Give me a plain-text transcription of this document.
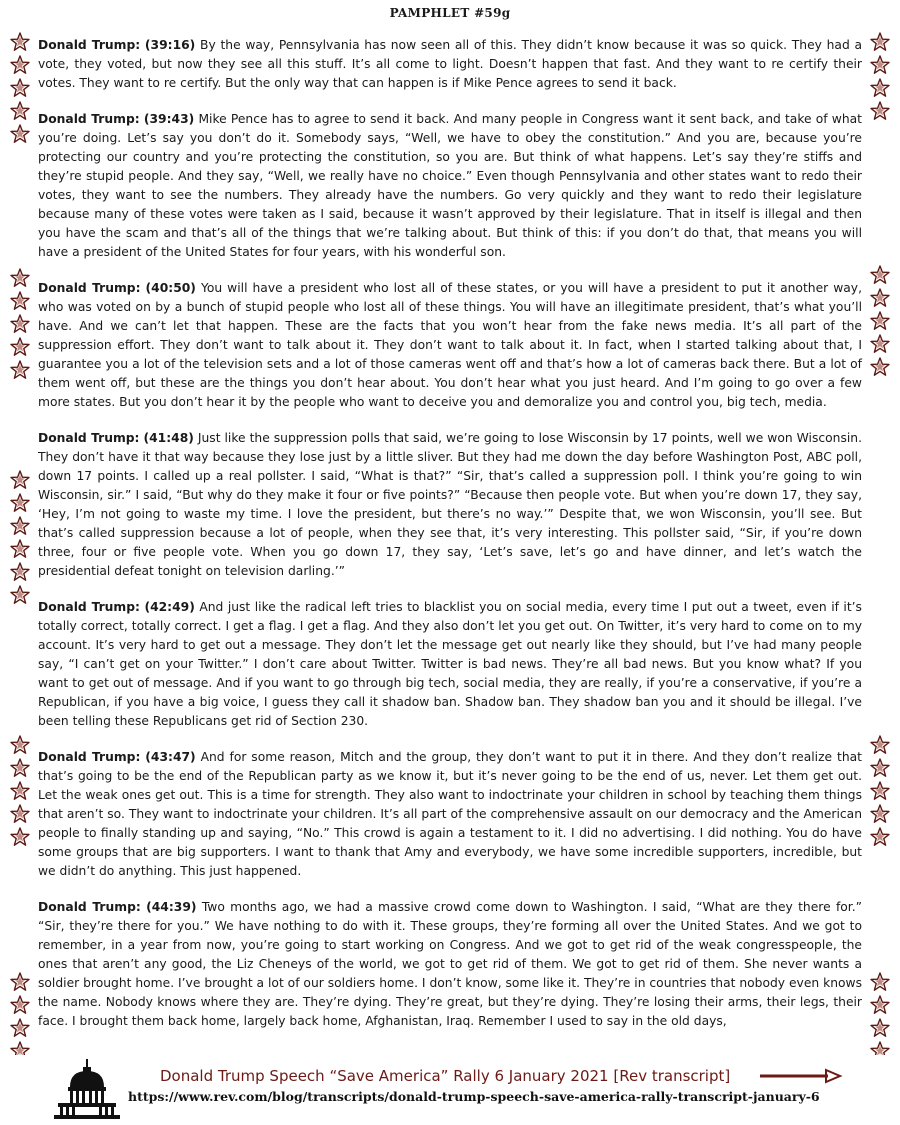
PAMPHLET #59g

Donald Trump: (39:16) By the way, Pennsylvania has now seen all of this. They didn’t know because it was so quick. They had a vote, they voted, but now they see all this stuff. It’s all come to light. Doesn’t happen that fast. And they want to re certify their votes. They want to re certify. But the only way that can happen is if Mike Pence agrees to send it back.

Donald Trump: (39:43) Mike Pence has to agree to send it back. And many people in Congress want it sent back, and take of what you’re doing. Let’s say you don’t do it. Somebody says, “Well, we have to obey the constitution.” And you are, because you’re protecting our country and you’re protecting the constitution, so you are. But think of what happens. Let’s say they’re stiffs and they’re stupid people. And they say, “Well, we really have no choice.” Even though Pennsylvania and other states want to redo their votes, they want to see the numbers. They already have the numbers. Go very quickly and they want to redo their legislature because many of these votes were taken as I said, because it wasn’t approved by their legislature. That in itself is illegal and then you have the scam and that’s all of the things that we’re talking about. But think of this: if you don’t do that, that means you will have a president of the United States for four years, with his wonderful son.

Donald Trump: (40:50) You will have a president who lost all of these states, or you will have a president to put it another way, who was voted on by a bunch of stupid people who lost all of these things. You will have an illegitimate president, that’s what you’ll have. And we can’t let that happen. These are the facts that you won’t hear from the fake news media. It’s all part of the suppression effort. They don’t want to talk about it. They don’t want to talk about it. In fact, when I started talking about that, I guarantee you a lot of the television sets and a lot of those cameras went off and that’s how a lot of cameras back there. But a lot of them went off, but these are the things you don’t hear about. You don’t hear what you just heard. And I’m going to go over a few more states. But you don’t hear it by the people who want to deceive you and demoralize you and control you, big tech, media.

Donald Trump: (41:48) Just like the suppression polls that said, we’re going to lose Wisconsin by 17 points, well we won Wisconsin. They don’t have it that way because they lose just by a little sliver. But they had me down the day before Washington Post, ABC poll, down 17 points. I called up a real pollster. I said, “What is that?” “Sir, that’s called a suppression poll. I think you’re going to win Wisconsin, sir.” I said, “But why do they make it four or five points?” “Because then people vote. But when you’re down 17, they say, ‘Hey, I’m not going to waste my time. I love the president, but there’s no way.’” Despite that, we won Wisconsin, you’ll see. But that’s called suppression because a lot of people, when they see that, it’s very interesting. This pollster said, “Sir, if you’re down three, four or five people vote. When you go down 17, they say, ‘Let’s save, let’s go and have dinner, and let’s watch the presidential defeat tonight on television darling.’”

Donald Trump: (42:49) And just like the radical left tries to blacklist you on social media, every time I put out a tweet, even if it’s totally correct, totally correct. I get a flag. I get a flag. And they also don’t let you get out. On Twitter, it’s very hard to come on to my account. It’s very hard to get out a message. They don’t let the message get out nearly like they should, but I’ve had many people say, “I can’t get on your Twitter.” I don’t care about Twitter. Twitter is bad news. They’re all bad news. But you know what? If you want to get out of message. And if you want to go through big tech, social media, they are really, if you’re a conservative, if you’re a Republican, if you have a big voice, I guess they call it shadow ban. Shadow ban. They shadow ban you and it should be illegal. I’ve been telling these Republicans get rid of Section 230.

Donald Trump: (43:47) And for some reason, Mitch and the group, they don’t want to put it in there. And they don’t realize that that’s going to be the end of the Republican party as we know it, but it’s never going to be the end of us, never. Let them get out. Let the weak ones get out. This is a time for strength. They also want to indoctrinate your children in school by teaching them things that aren’t so. They want to indoctrinate your children. It’s all part of the comprehensive assault on our democracy and the American people to finally standing up and saying, “No.” This crowd is again a testament to it. I did no advertising. I did nothing. You do have some groups that are big supporters. I want to thank that Amy and everybody, we have some incredible supporters, incredible, but we didn’t do anything. This just happened.

Donald Trump: (44:39) Two months ago, we had a massive crowd come down to Washington. I said, “What are they there for.” “Sir, they’re there for you.” We have nothing to do with it. These groups, they’re forming all over the United States. And we got to remember, in a year from now, you’re going to start working on Congress. And we got to get rid of the weak congresspeople, the ones that aren’t any good, the Liz Cheneys of the world, we got to get rid of them. We got to get rid of them. She never wants a soldier brought home. I’ve brought a lot of our soldiers home. I don’t know, some like it. They’re in countries that nobody even knows the name. Nobody knows where they are. They’re dying. They’re great, but they’re dying. They’re losing their arms, their legs, their face. I brought them back home, largely back home, Afghanistan, Iraq. Remember I used to say in the old days,

Donald Trump Speech “Save America” Rally 6 January 2021 [Rev transcript]
https://www.rev.com/blog/transcripts/donald-trump-speech-save-america-rally-transcript-january-6
